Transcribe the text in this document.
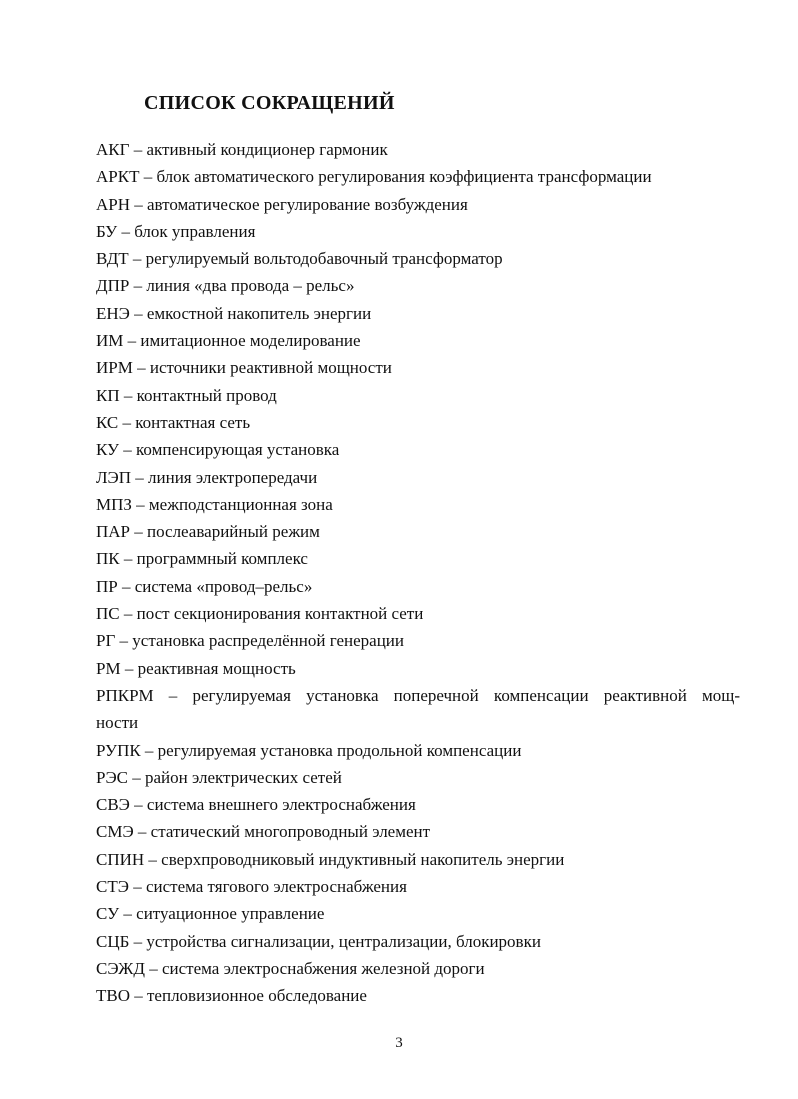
СПИСОК СОКРАЩЕНИЙ
АКГ – активный кондиционер гармоник
АРКТ – блок автоматического регулирования коэффициента трансформации
АРН – автоматическое регулирование возбуждения
БУ – блок управления
ВДТ – регулируемый вольтодобавочный трансформатор
ДПР – линия «два провода – рельс»
ЕНЭ – емкостной накопитель энергии
ИМ – имитационное моделирование
ИРМ – источники реактивной мощности
КП – контактный провод
КС – контактная сеть
КУ – компенсирующая установка
ЛЭП – линия электропередачи
МПЗ – межподстанционная зона
ПАР – послеаварийный режим
ПК – программный комплекс
ПР – система «провод–рельс»
ПС – пост секционирования контактной сети
РГ – установка распределённой генерации
РМ – реактивная мощность
РПКРМ – регулируемая установка поперечной компенсации реактивной мощ-
ности
РУПК – регулируемая установка продольной компенсации
РЭС – район электрических сетей
СВЭ – система внешнего электроснабжения
СМЭ – статический многопроводный элемент
СПИН – сверхпроводниковый индуктивный накопитель энергии
СТЭ – система тягового электроснабжения
СУ – ситуационное управление
СЦБ – устройства сигнализации, централизации, блокировки
СЭЖД – система электроснабжения железной дороги
ТВО – тепловизионное обследование
3
